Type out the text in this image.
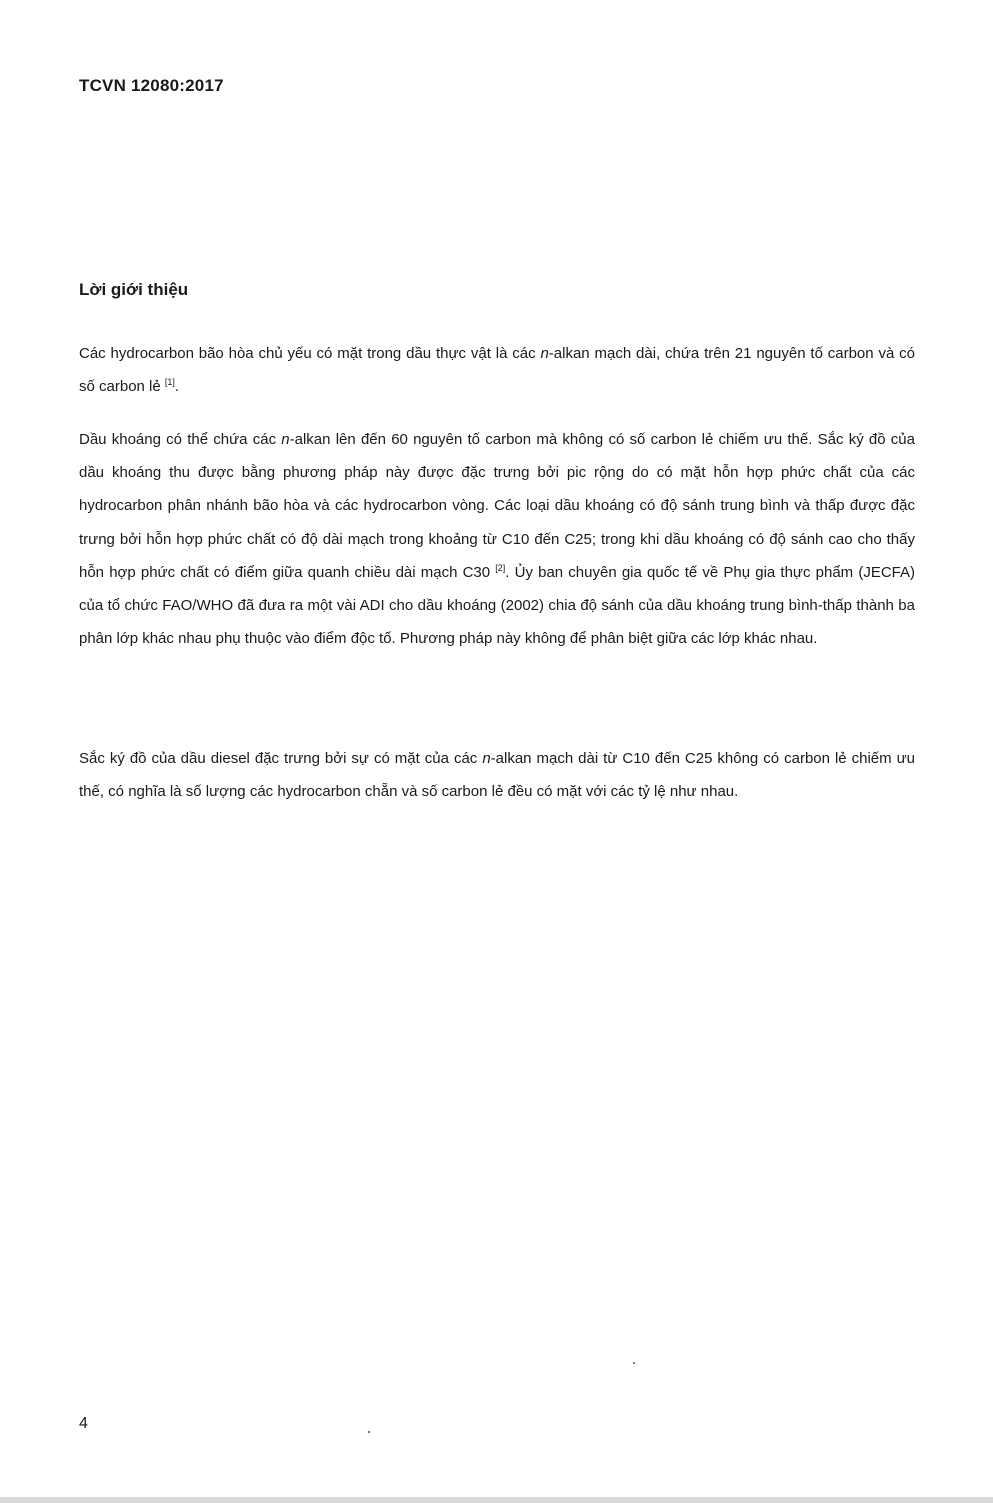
TCVN 12080:2017
Lời giới thiệu

Các hydrocarbon bão hòa chủ yếu có mặt trong dầu thực vật là các n-alkan mạch dài, chứa trên 21 nguyên tố carbon và có số carbon lẻ [1].

Dầu khoáng có thể chứa các n-alkan lên đến 60 nguyên tố carbon mà không có số carbon lẻ chiếm ưu thế. Sắc ký đồ của dầu khoáng thu được bằng phương pháp này được đặc trưng bởi pic rộng do có mặt hỗn hợp phức chất của các hydrocarbon phân nhánh bão hòa và các hydrocarbon vòng. Các loại dầu khoáng có độ sánh trung bình và thấp được đặc trưng bởi hỗn hợp phức chất có độ dài mạch trong khoảng từ C10 đến C25; trong khi dầu khoáng có độ sánh cao cho thấy hỗn hợp phức chất có điểm giữa quanh chiều dài mạch C30 [2]. Ủy ban chuyên gia quốc tế về Phụ gia thực phẩm (JECFA) của tổ chức FAO/WHO đã đưa ra một vài ADI cho dầu khoáng (2002) chia độ sánh của dầu khoáng trung bình-thấp thành ba phân lớp khác nhau phụ thuộc vào điểm độc tố. Phương pháp này không để phân biệt giữa các lớp khác nhau.

Sắc ký đồ của dầu diesel đặc trưng bởi sự có mặt của các n-alkan mạch dài từ C10 đến C25 không có carbon lẻ chiếm ưu thế, có nghĩa là số lượng các hydrocarbon chẵn và số carbon lẻ đều có mặt với các tỷ lệ như nhau.

4
